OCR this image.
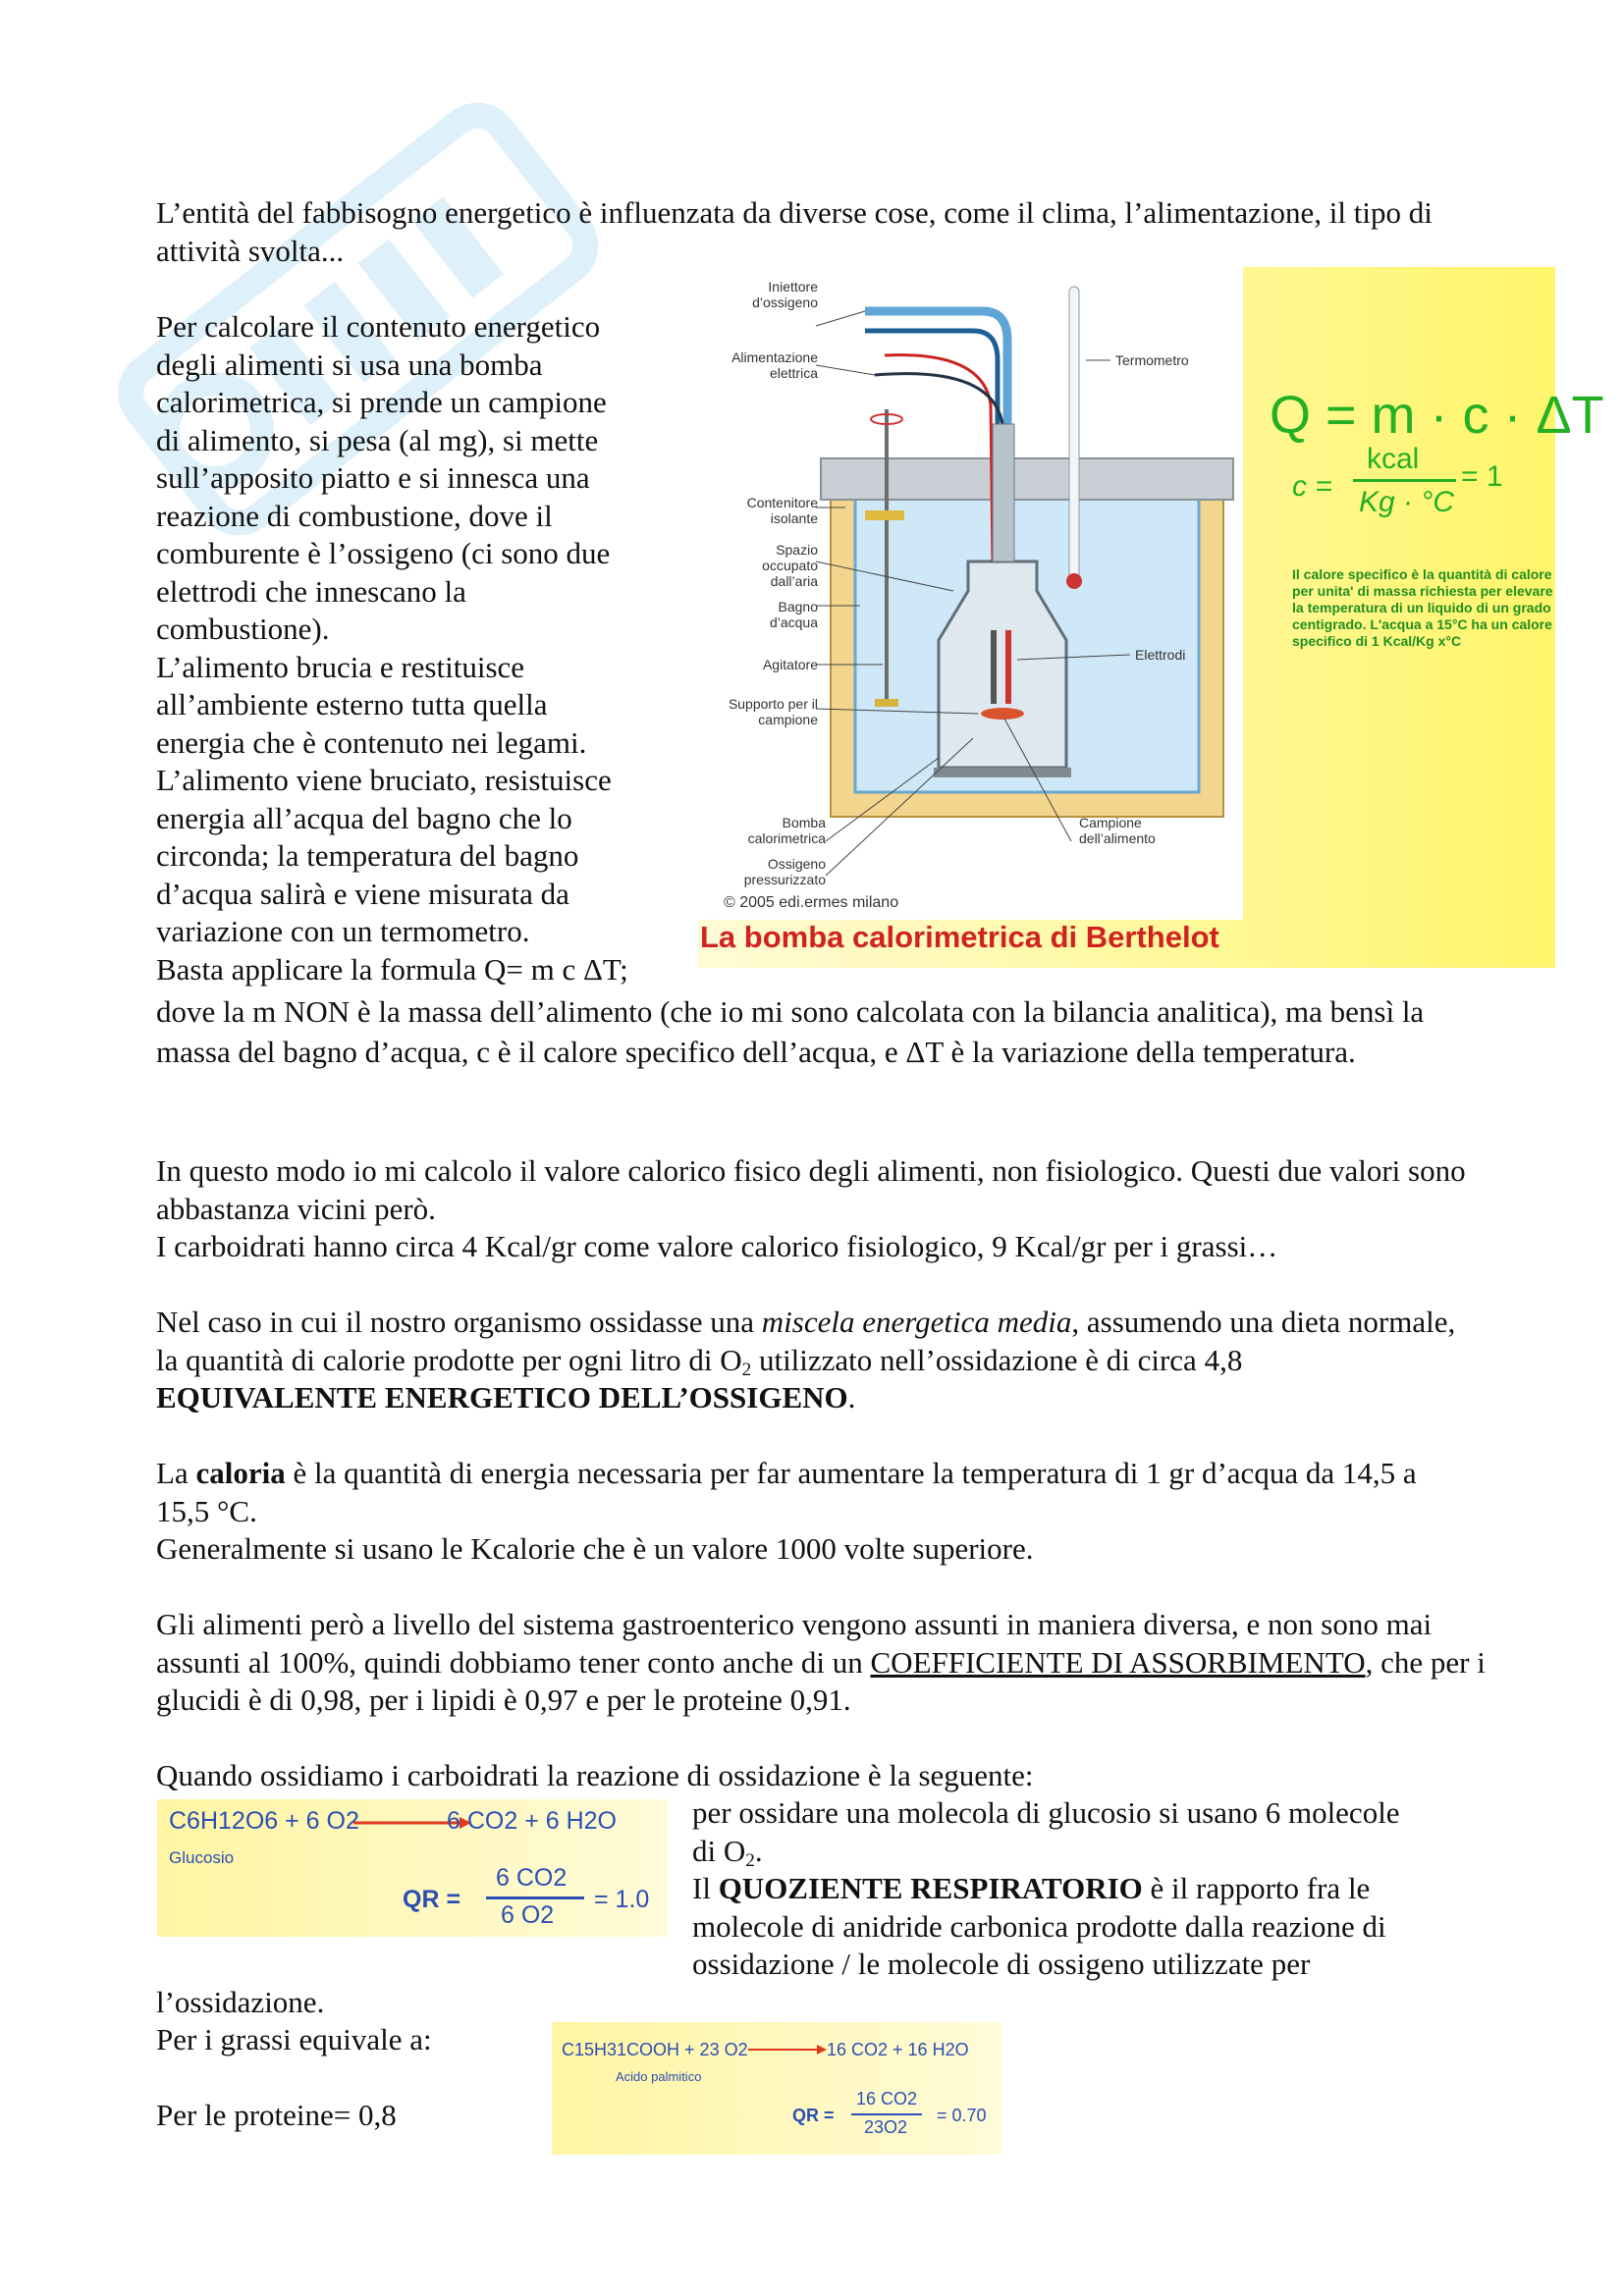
L’entità del fabbisogno energetico è influenzata da diverse cose, come il clima, l’alimentazione, il tipo di attività svolta...

Per calcolare il contenuto energetico

degli alimenti si usa una bomba

calorimetrica, si prende un campione

di alimento, si pesa (al mg), si mette

sull’apposito piatto e si innesca una

reazione di combustione, dove il

comburente è l’ossigeno (ci sono due

elettrodi che innescano la

combustione).

L’alimento brucia e restituisce

all’ambiente esterno tutta quella

energia che è contenuto nei legami.

L’alimento viene bruciato, resistuisce

energia all’acqua del bagno che lo

circonda; la temperatura del bagno

d’acqua salirà e viene misurata da

variazione con un termometro.

Basta applicare la formula Q= m c ΔT;

dove la m NON è la massa dell’alimento (che io mi sono calcolata con la bilancia analitica), ma bensì la massa del bagno d’acqua, c è il calore specifico dell’acqua, e ΔT è la variazione della temperatura.

Iniettore d’ossigeno
Alimentazione elettrica
Contenitore isolante
Spazio occupato dall’aria
Bagno d’acqua
Agitatore
Supporto per il campione
Bomba calorimetrica
Ossigeno pressurizzato
Termometro
Elettrodi
Campione dell’alimento
© 2005 edi.ermes milano
La bomba calorimetrica di Berthelot
Q = m · c · ΔT
c =
kcal
Kg · °C
= 1
Il calore specifico è la quantità di calore per unita' di massa richiesta per elevare la temperatura di un liquido di un grado centigrado. L'acqua a 15°C ha un calore specifico di 1 Kcal/Kg x°C

In questo modo io mi calcolo il valore calorico fisico degli alimenti, non fisiologico. Questi due valori sono abbastanza vicini però.

I carboidrati hanno circa 4 Kcal/gr come valore calorico fisiologico, 9 Kcal/gr per i grassi…

Nel caso in cui il nostro organismo ossidasse una miscela energetica media, assumendo una dieta normale, la quantità di calorie prodotte per ogni litro di $O_2$ utilizzato nell’ossidazione è di circa 4,8
EQUIVALENTE ENERGETICO DELL’OSSIGENO.

La caloria è la quantità di energia necessaria per far aumentare la temperatura di 1 gr d’acqua da 14,5 a 15,5 °C.

Generalmente si usano le Kcalorie che è un valore 1000 volte superiore.

Gli alimenti però a livello del sistema gastroenterico vengono assunti in maniera diversa, e non sono mai assunti al 100%, quindi dobbiamo tener conto anche di un COEFFICIENTE DI ASSORBIMENTO, che per i glucidi è di 0,98, per i lipidi è 0,97 e per le proteine 0,91.

Quando ossidiamo i carboidrati la reazione di ossidazione è la seguente:

C6H12O6 + 6 O2	6 CO2 + 6 H2O
Glucosio
QR =
6 CO2
6 O2
= 1.0

per ossidare una molecola di glucosio si usano 6 molecole

di $O_2$.

Il QUOZIENTE RESPIRATORIO è il rapporto fra le

molecole di anidride carbonica prodotte dalla reazione di

ossidazione / le molecole di ossigeno utilizzate per

l’ossidazione.

Per i grassi equivale a:

Per le proteine= 0,8

C15H31COOH + 23 O2	16 CO2 + 16 H2O
Acido palmitico
QR =
16 CO2
23O2
= 0.70
